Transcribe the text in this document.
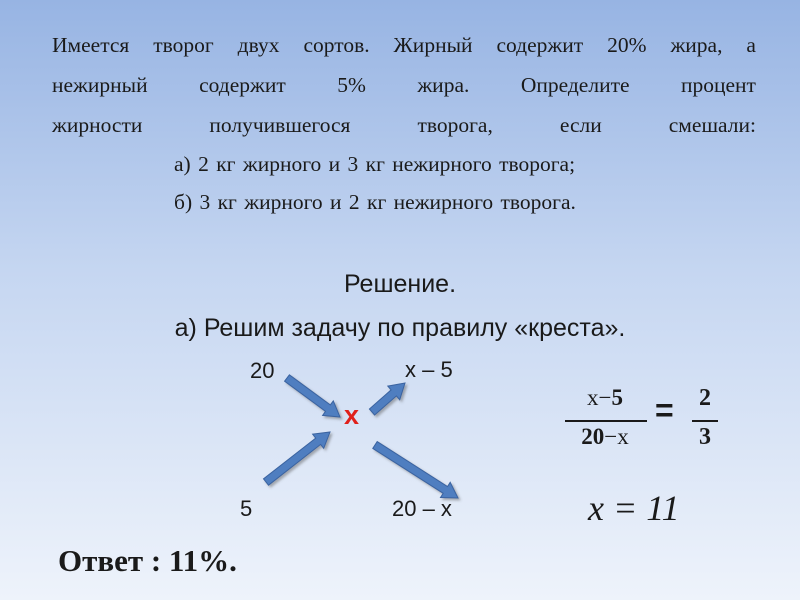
Имеется творог двух сортов. Жирный содержит 20% жира, а
нежирный содержит 5% жира. Определите процент
жирности	получившегося	творога,	если	смешали:
а) 2 кг жирного и 3 кг нежирного творога;
б) 3 кг жирного и 2 кг нежирного творога.
Решение.
а) Решим задачу по правилу «креста».
20	x – 5
x
5	20 – x
x−5
20−x
=	2
3
x = 11
Ответ : 11%.
